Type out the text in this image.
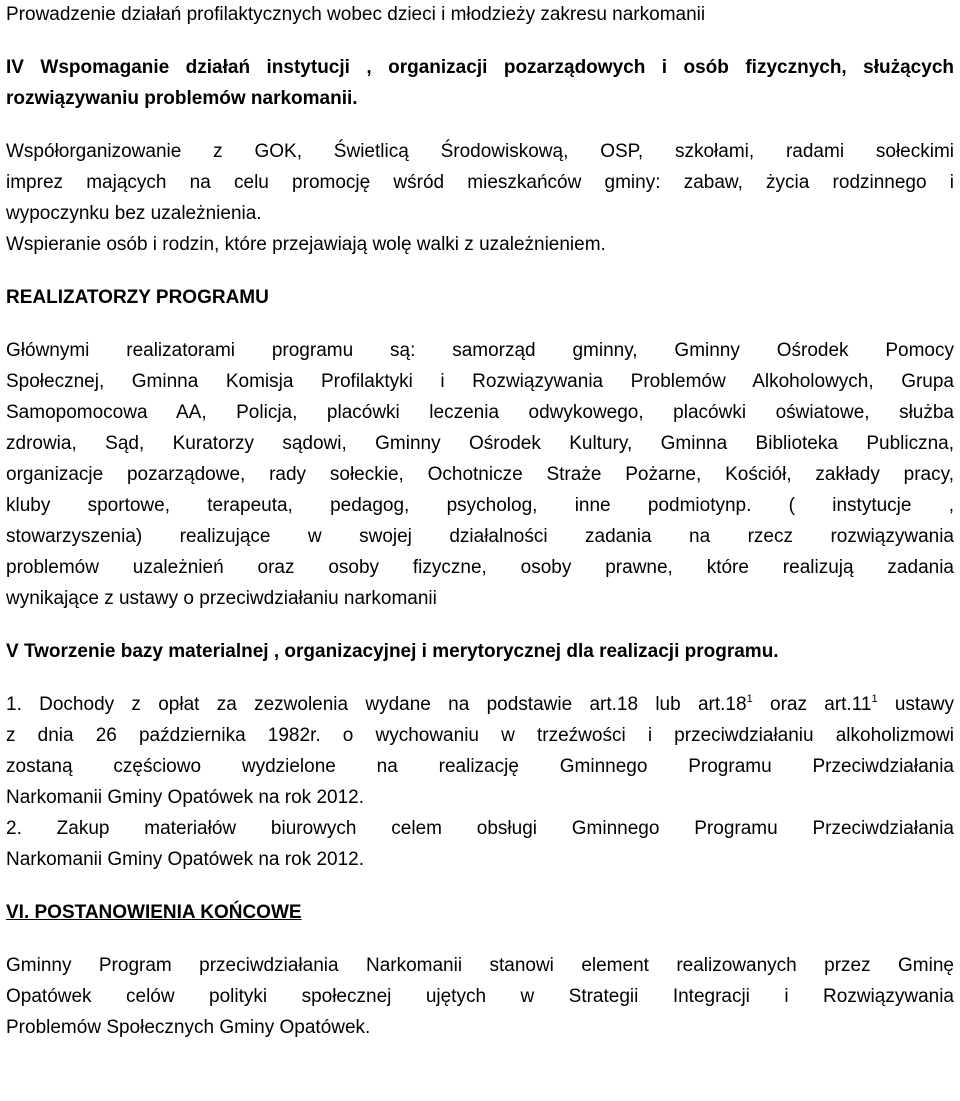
Prowadzenie działań profilaktycznych wobec dzieci i młodzieży zakresu narkomanii

IV Wspomaganie działań instytucji , organizacji pozarządowych i osób fizycznych, służących

rozwiązywaniu problemów narkomanii.

Współorganizowanie z GOK, Świetlicą Środowiskową, OSP, szkołami, radami sołeckimi

imprez mających na celu promocję wśród mieszkańców gminy: zabaw, życia rodzinnego i

wypoczynku bez uzależnienia.

Wspieranie osób i rodzin, które przejawiają wolę walki z uzależnieniem.

REALIZATORZY PROGRAMU

Głównymi realizatorami programu są: samorząd gminny, Gminny Ośrodek Pomocy

Społecznej, Gminna Komisja Profilaktyki i Rozwiązywania Problemów Alkoholowych, Grupa

Samopomocowa AA, Policja, placówki leczenia odwykowego, placówki oświatowe, służba

zdrowia, Sąd, Kuratorzy sądowi, Gminny Ośrodek Kultury, Gminna Biblioteka Publiczna,

organizacje pozarządowe, rady sołeckie, Ochotnicze Straże Pożarne, Kościół, zakłady pracy,

kluby sportowe, terapeuta, pedagog, psycholog, inne podmiotynp. ( instytucje ,

stowarzyszenia) realizujące w swojej działalności zadania na rzecz rozwiązywania

problemów uzależnień oraz osoby fizyczne, osoby prawne, które realizują zadania

wynikające z ustawy o przeciwdziałaniu narkomanii

V Tworzenie bazy materialnej , organizacyjnej i merytorycznej dla realizacji programu.

1. Dochody z opłat za zezwolenia wydane na podstawie art.18 lub $art.18^1$ oraz $art.11^1$ ustawy

z dnia 26 października 1982r. o wychowaniu w trzeźwości i przeciwdziałaniu alkoholizmowi

zostaną częściowo wydzielone na realizację Gminnego Programu Przeciwdziałania

Narkomanii Gminy Opatówek na rok 2012.

2. Zakup materiałów biurowych celem obsługi Gminnego Programu Przeciwdziałania

Narkomanii Gminy Opatówek na rok 2012.

VI. POSTANOWIENIA KOŃCOWE

Gminny Program przeciwdziałania Narkomanii stanowi element realizowanych przez Gminę

Opatówek celów polityki społecznej ujętych w Strategii Integracji i Rozwiązywania

Problemów Społecznych Gminy Opatówek.
